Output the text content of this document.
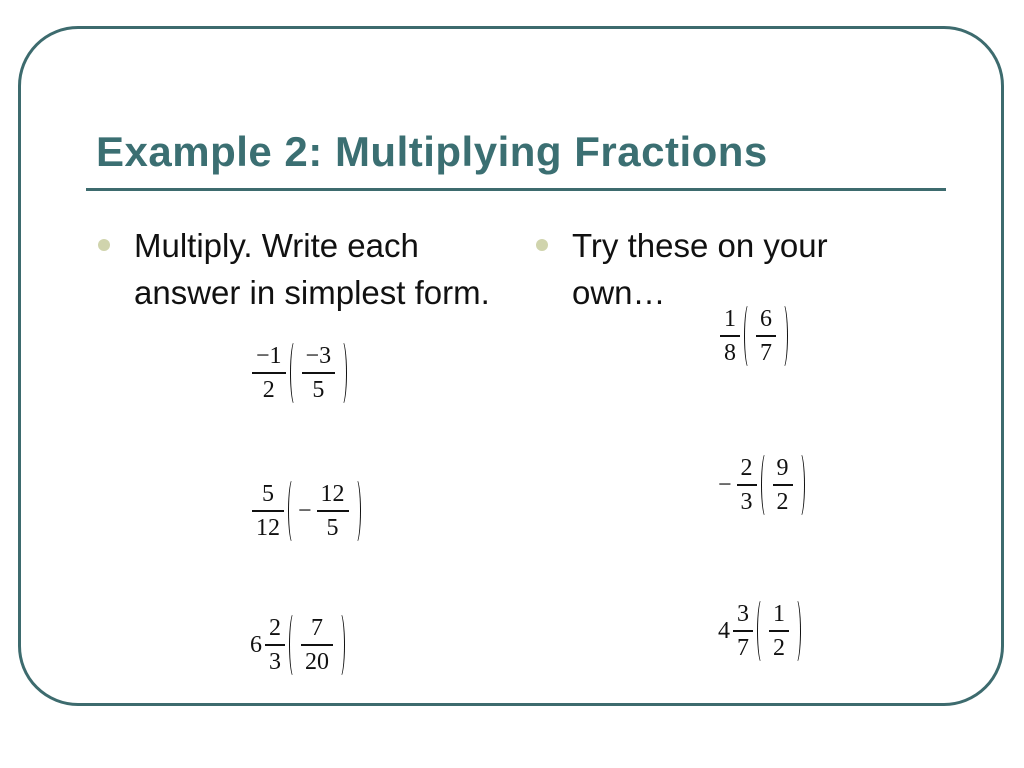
Example 2: Multiplying Fractions
Multiply. Write each answer in simplest form.
Try these on your own…
$\frac{-1}{2} \frac{-3}{5}$
$\frac{5}{12} - \frac{12}{5}$
$6 \frac{2}{3} \frac{7}{20}$
$\frac{1}{8} \frac{6}{7}$
− $\frac{2}{3} \frac{9}{2}$
$4 \frac{3}{7} \frac{1}{2}$
